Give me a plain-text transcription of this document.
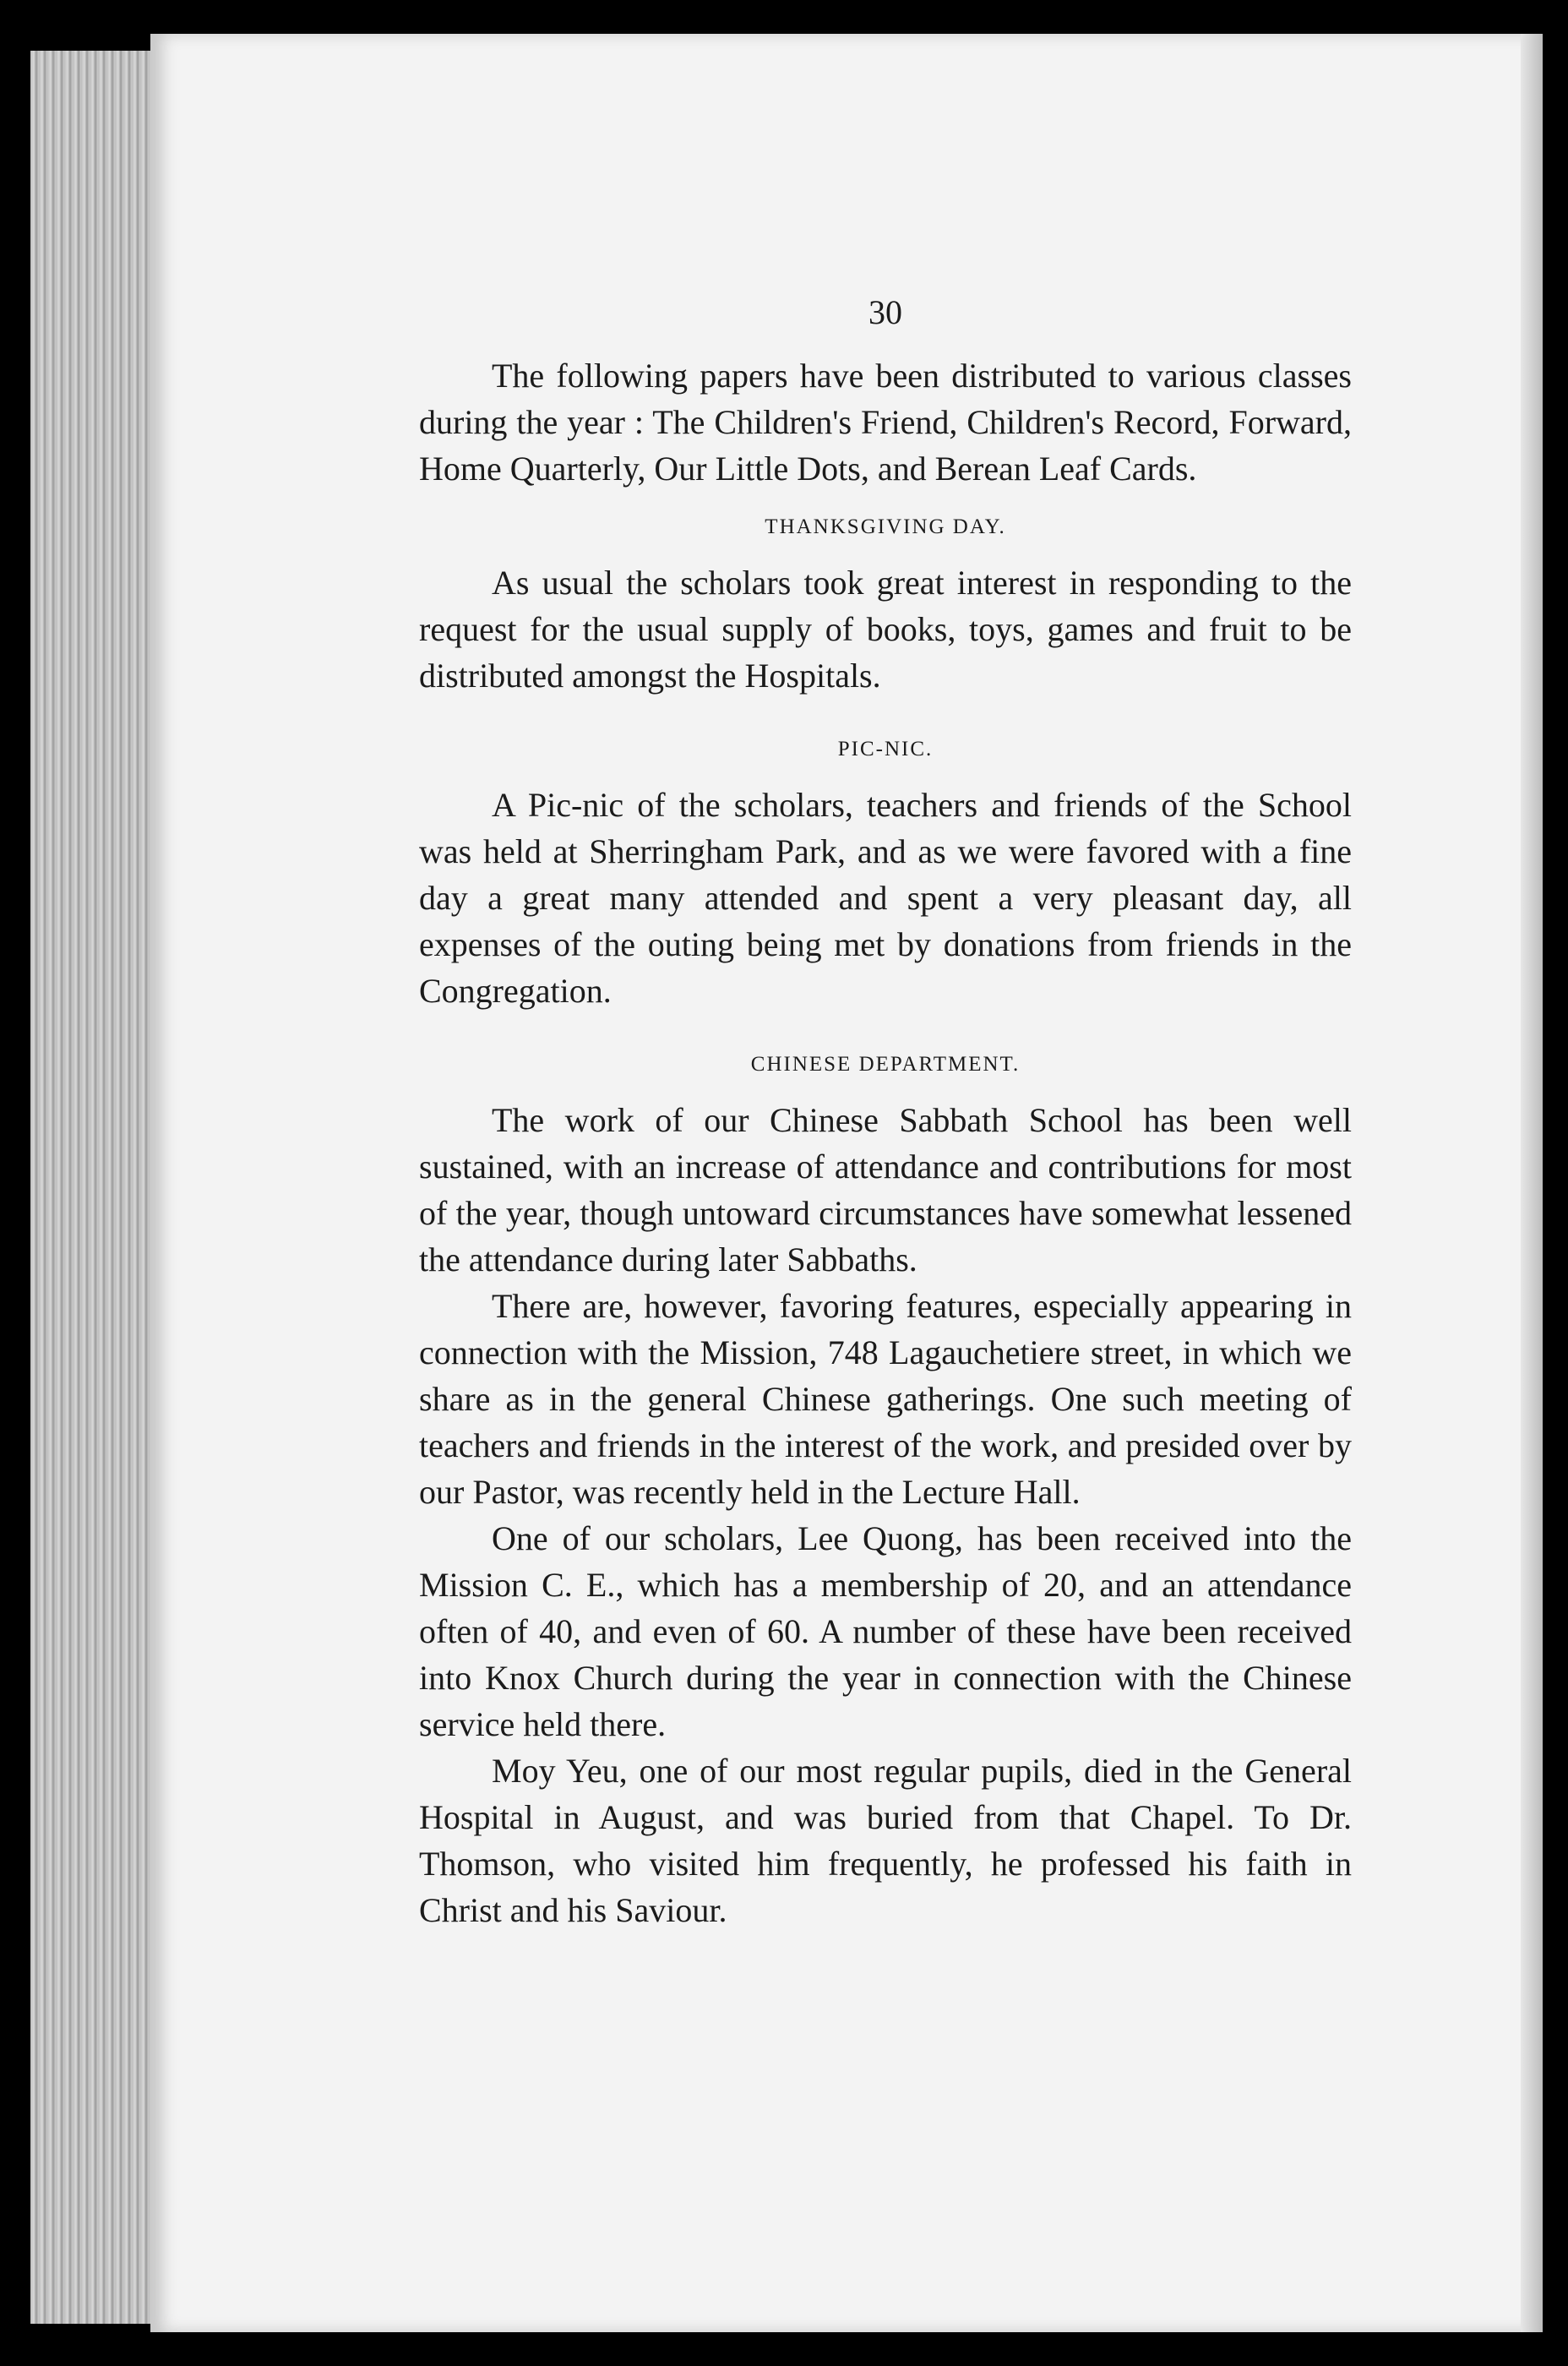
30

The following papers have been distributed to various classes during the year : The Children's Friend, Children's Record, Forward, Home Quarterly, Our Little Dots, and Berean Leaf Cards.

THANKSGIVING DAY.

As usual the scholars took great interest in responding to the request for the usual supply of books, toys, games and fruit to be distributed amongst the Hospitals.

PIC-NIC.

A Pic-nic of the scholars, teachers and friends of the School was held at Sherringham Park, and as we were favored with a fine day a great many attended and spent a very pleasant day, all expenses of the outing being met by donations from friends in the Congregation.

CHINESE DEPARTMENT.

The work of our Chinese Sabbath School has been well sustained, with an increase of attendance and contributions for most of the year, though untoward circumstances have somewhat lessened the attendance during later Sabbaths.

There are, however, favoring features, especially appearing in connection with the Mission, 748 Lagauchetiere street, in which we share as in the general Chinese gatherings. One such meeting of teachers and friends in the interest of the work, and presided over by our Pastor, was recently held in the Lecture Hall.

One of our scholars, Lee Quong, has been received into the Mission C. E., which has a membership of 20, and an attendance often of 40, and even of 60. A number of these have been received into Knox Church during the year in connection with the Chinese service held there.

Moy Yeu, one of our most regular pupils, died in the General Hospital in August, and was buried from that Chapel. To Dr. Thomson, who visited him frequently, he professed his faith in Christ and his Saviour.
